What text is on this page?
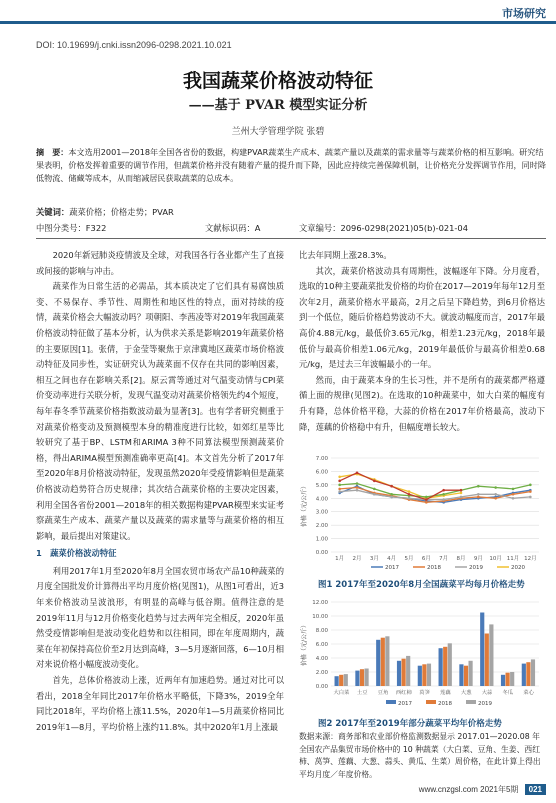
市场研究
DOI: 10.19699/j.cnki.issn2096-0298.2021.10.021
我国蔬菜价格波动特征
——基于 PVAR 模型实证分析
兰州大学管理学院 张碧
摘　要：本文选用2001—2018年全国各省份的数据，构建PVAR蔬菜生产成本、蔬菜产量以及蔬菜的需求量等与蔬菜价格的相互影响。研究结果表明，价格发挥着重要的调节作用，但蔬菜价格并没有随着产量的提升而下降，因此应持续完善保障机制，让价格充分发挥调节作用，同时降低物流、储藏等成本，从而缩减居民获取蔬菜的总成本。
关键词：蔬菜价格；价格走势；PVAR
中图分类号：F322	文献标识码：A	文章编号：2096-0298(2021)05(b)-021-04

2020年新冠肺炎疫情波及全球，对我国各行各业都产生了直接或间接的影响与冲击。

蔬菜作为日常生活的必需品，其本质决定了它们具有易腐蚀质变、不易保存、季节性、周期性和地区性的特点，面对持续的疫情，蔬菜价格会大幅波动吗？项朝阳、李茜凌等对2019年我国蔬菜价格波动特征做了基本分析，认为供求关系是影响2019年蔬菜价格的主要原因[1]。张倩，于金莹等聚焦于京津冀地区蔬菜市场价格波动特征及同步性，实证研究认为蔬菜面不仅存在共同的影响因素，相互之间也存在影响关系[2]。原云霄等通过对气温变动情与CPI菜价变动率进行关联分析，发现气温变动对蔬菜价格领先约4个短度，每年春冬季节蔬菜价格指数波动最为显著[3]。也有学者研究侧重于对蔬菜价格变动及预测模型本身的精准度进行比较，如郊红星等比较研究了基于BP、LSTM和ARIMA 3种不同算法模型预测蔬菜价格，得出ARIMA模型预测准确率更高[4]。本文首先分析了2017年至2020年8月价格波动特征，发现虽然2020年受疫情影响但是蔬菜价格波动趋势符合历史规律；其次结合蔬菜价格的主要决定因素，利用全国各省份2001—2018年的相关数据构建PVAR模型来实证考察蔬菜生产成本、蔬菜产量以及蔬菜的需求量等与蔬菜价格的相互影响，最后提出对策建议。

1　蔬菜价格波动特征

利用2017年1月至2020年8月全国农贸市场农产品10种蔬菜的月度全国批发价计算得出平均月度价格(见图1)，从图1可看出，近3年来价格波动呈波浪形，有明显的高峰与低谷期。值得注意的是2019年11月与12月价格变化趋势与过去两年完全相反，2020年虽然受疫情影响但是波动变化趋势和以往相同，即在年度周期内，蔬菜在年初保持高位价至2月达到高峰，3—5月逐渐回落，6—10月相对来说价格小幅度波动变化。

首先，总体价格波动上涨，近两年有加速趋势。通过对比可以看出，2018全年同比2017年价格水平略低，下降3%，2019全年同比2018年，平均价格上涨11.5%，2020年1—5月蔬菜价格同比2019年1—8月，平均价格上涨约11.8%。其中2020年1月上涨最

比去年同期上涨28.3%。

其次，蔬菜价格波动具有周期性，波幅逐年下降。分月度看，选取的10种主要蔬菜批发价格的均价在2017—2019年每年12月至次年2月，蔬菜价格水平最高，2月之后呈下降趋势，到6月价格达到一个低位，随后价格趋势波动不大。就波动幅度而言，2017年最高价4.88元/kg，最低价3.65元/kg，相差1.23元/kg，2018年最低价与最高价相差1.06元/kg，2019年最低价与最高价相差0.68元/kg，是过去三年波幅最小的一年。

然而，由于蔬菜本身的生长习性，并不是所有的蔬菜都严格遵循上面的规律(见图2)。在选取的10种蔬菜中，如大白菜的幅度有升有降，总体价格平稳，大蒜的价格在2017年价格最高，波动下降，莲藕的价格稳中有升，但幅度增长较大。

0.00
1.00
2.00
3.00
4.00
5.00
6.00
7.00
价格（元/公斤）
1月 2月 3月 4月 5月 6月 7月 8月 9月 10月 11月 12月
2017	2018	2019	2020
图1 2017年至2020年8月全国蔬菜平均每月价格走势
0.00
2.00
4.00
6.00
8.00
10.00
12.00
价格（元/公斤）
大白菜 土豆 豆角 西红柿 莴笋 莲藕 大葱 大蒜 冬瓜 菜心
2017	2018	2019
图2 2017年至2019年部分蔬菜平均年价格走势
数据来源：商务部和农业部价格监测数据显示 2017.01—2020.08 年全国农产品集贸市场价格中的 10 种蔬菜（大白菜、豆角、生姜、西红柿、莴笋、莲藕、大葱、蒜头、黄瓜、生菜）周价格，在此计算上得出平均月度／年度价格。
www.cnzgsl.com 2021年5期 021
